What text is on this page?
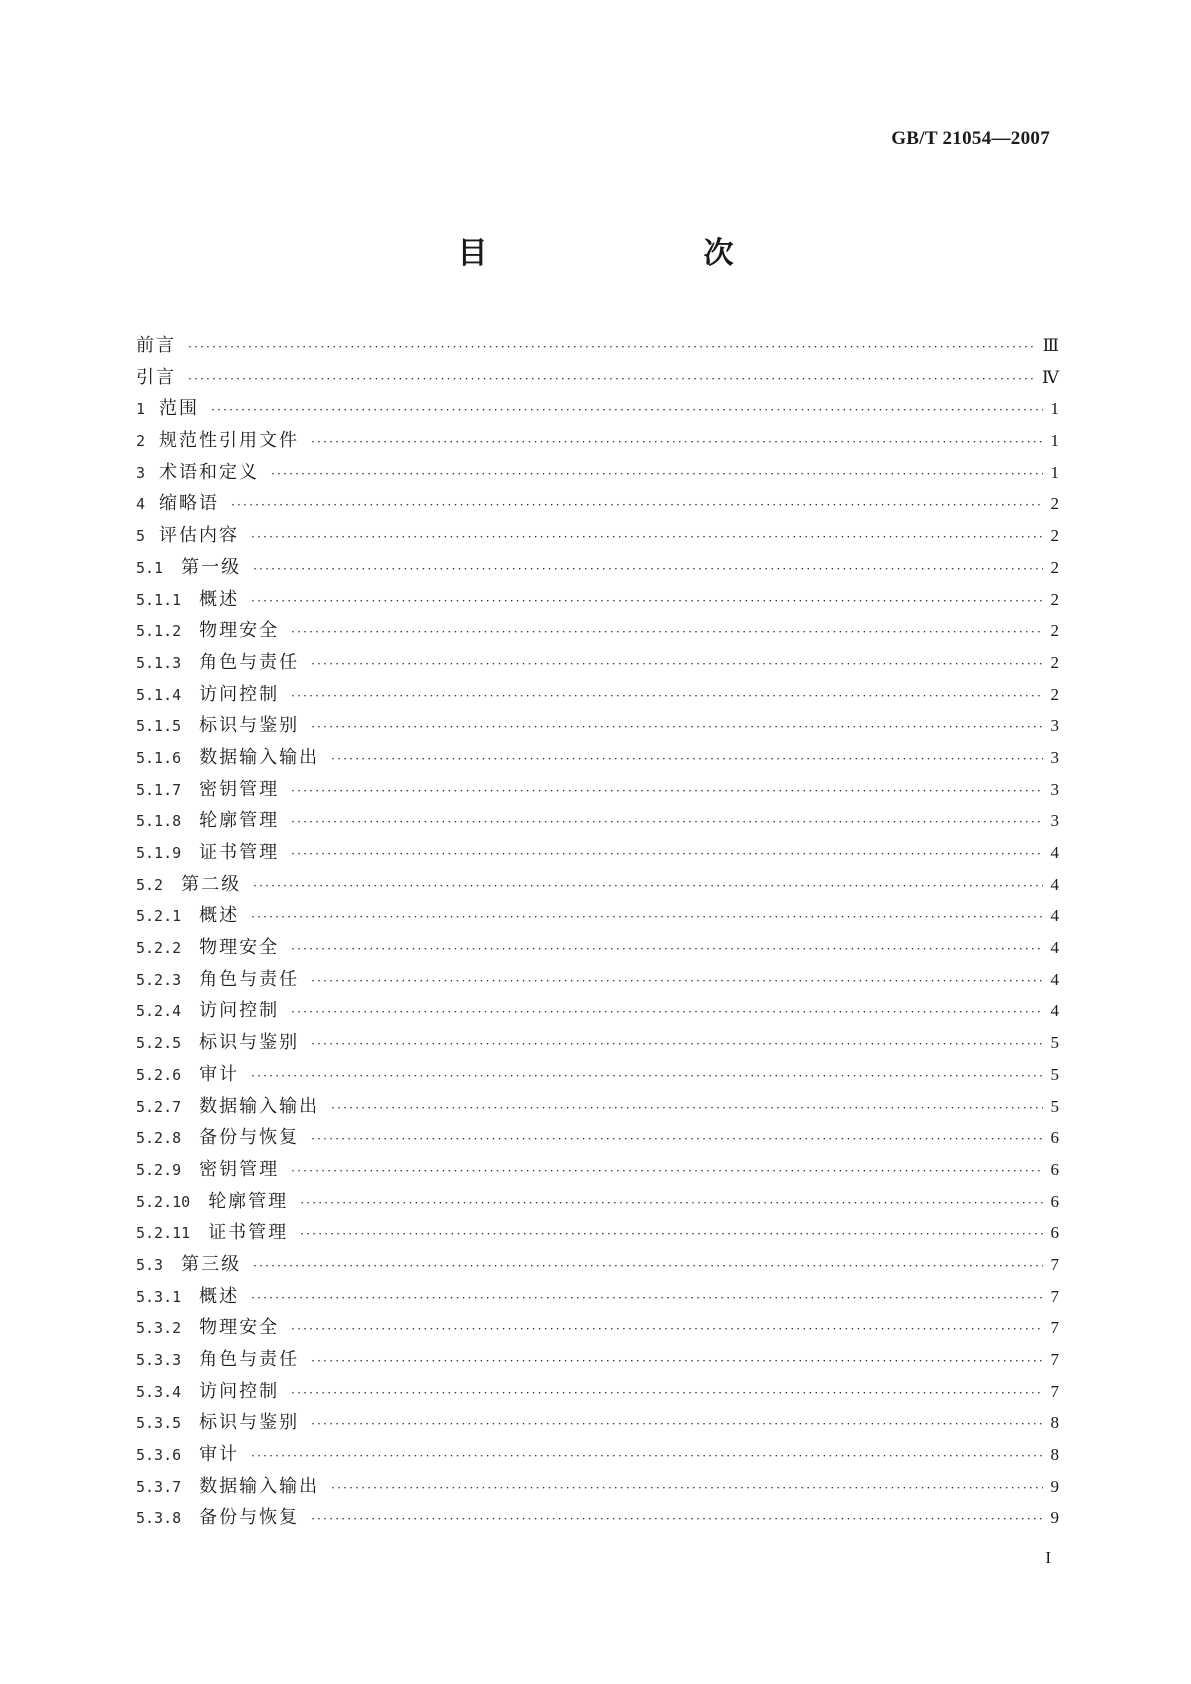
GB/T 21054—2007
目　　次
前言 ·····	Ⅲ
引言 ·····	Ⅳ
1 范围 ·····	1
2 规范性引用文件 ·····	1
3 术语和定义 ·····	1
4 缩略语 ·····	2
5 评估内容 ·····	2
5.1 第一级 ·····	2
5.1.1 概述 ·····	2
5.1.2 物理安全 ·····	2
5.1.3 角色与责任 ·····	2
5.1.4 访问控制 ·····	2
5.1.5 标识与鉴别 ·····	3
5.1.6 数据输入输出 ·····	3
5.1.7 密钥管理 ·····	3
5.1.8 轮廓管理 ·····	3
5.1.9 证书管理 ·····	4
5.2 第二级 ·····	4
5.2.1 概述 ·····	4
5.2.2 物理安全 ·····	4
5.2.3 角色与责任 ·····	4
5.2.4 访问控制 ·····	4
5.2.5 标识与鉴别 ·····	5
5.2.6 审计 ·····	5
5.2.7 数据输入输出 ·····	5
5.2.8 备份与恢复 ·····	6
5.2.9 密钥管理 ·····	6
5.2.10 轮廓管理 ·····	6
5.2.11 证书管理 ·····	6
5.3 第三级 ·····	7
5.3.1 概述 ·····	7
5.3.2 物理安全 ·····	7
5.3.3 角色与责任 ·····	7
5.3.4 访问控制 ·····	7
5.3.5 标识与鉴别 ·····	8
5.3.6 审计 ·····	8
5.3.7 数据输入输出 ·····	9
5.3.8 备份与恢复 ·····	9
I
